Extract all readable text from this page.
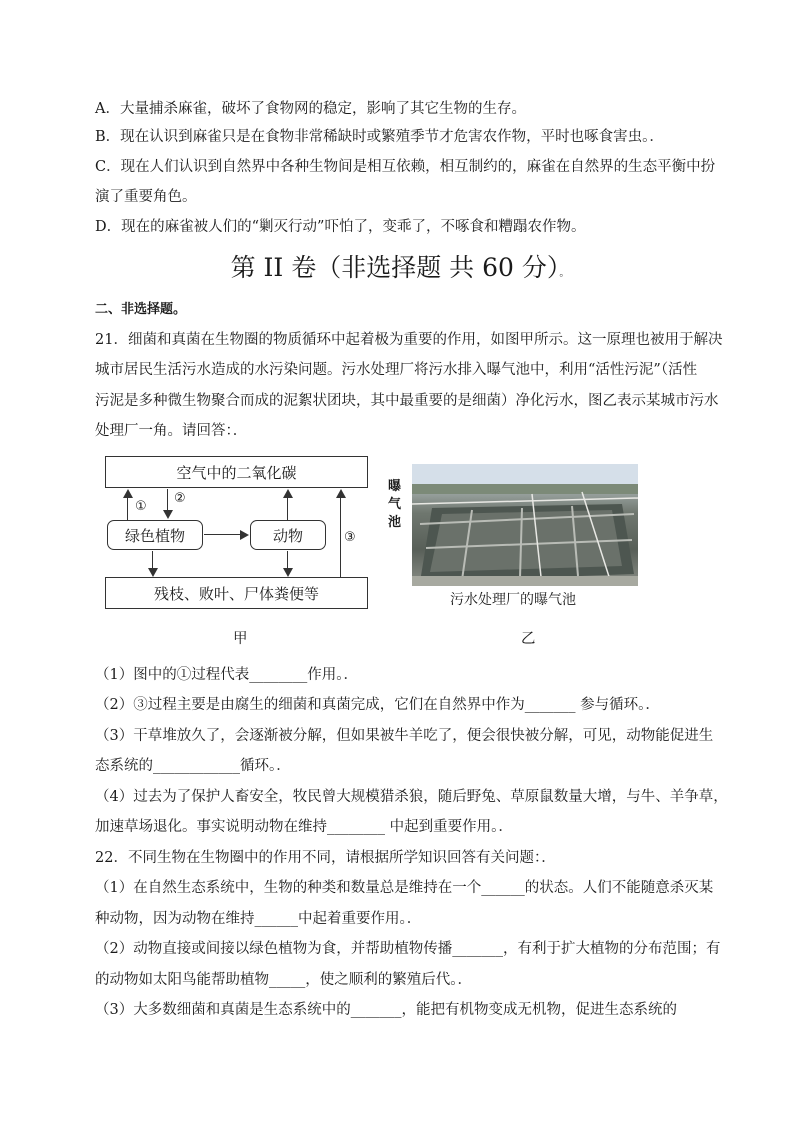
A．大量捕杀麻雀，破坏了食物网的稳定，影响了其它生物的生存。
B．现在认识到麻雀只是在食物非常稀缺时或繁殖季节才危害农作物，平时也啄食害虫。．
C．现在人们认识到自然界中各种生物间是相互依赖，相互制约的，麻雀在自然界的生态平衡中扮
演了重要角色。
D．现在的麻雀被人们的“剿灭行动”吓怕了，变乖了，不啄食和糟蹋农作物。
第 II 卷（非选择题 共 60 分）。
二、非选择题。
21．细菌和真菌在生物圈的物质循环中起着极为重要的作用，如图甲所示。这一原理也被用于解决
城市居民生活污水造成的水污染问题。污水处理厂将污水排入曝气池中，利用“活性污泥”（活性
污泥是多种微生物聚合而成的泥絮状团块，其中最重要的是细菌）净化污水，图乙表示某城市污水
处理厂一角。请回答：．
空气中的二氧化碳
绿色植物	动物
残枝、败叶、尸体粪便等
①
②
③
甲
曝
气
池
污水处理厂的曝气池
乙
（1）图中的①过程代表________作用。．
（2）③过程主要是由腐生的细菌和真菌完成，它们在自然界中作为_______ 参与循环。．
（3）干草堆放久了，会逐渐被分解，但如果被牛羊吃了，便会很快被分解，可见，动物能促进生
态系统的____________循环。．
（4）过去为了保护人畜安全，牧民曾大规模猎杀狼，随后野兔、草原鼠数量大增，与牛、羊争草，
加速草场退化。事实说明动物在维持________ 中起到重要作用。．
22．不同生物在生物圈中的作用不同，请根据所学知识回答有关问题：．
（1）在自然生态系统中，生物的种类和数量总是维持在一个______的状态。人们不能随意杀灭某
种动物，因为动物在维持______中起着重要作用。．
（2）动物直接或间接以绿色植物为食，并帮助植物传播_______，有利于扩大植物的分布范围；有
的动物如太阳鸟能帮助植物_____，使之顺利的繁殖后代。．
（3）大多数细菌和真菌是生态系统中的_______，能把有机物变成无机物，促进生态系统的
